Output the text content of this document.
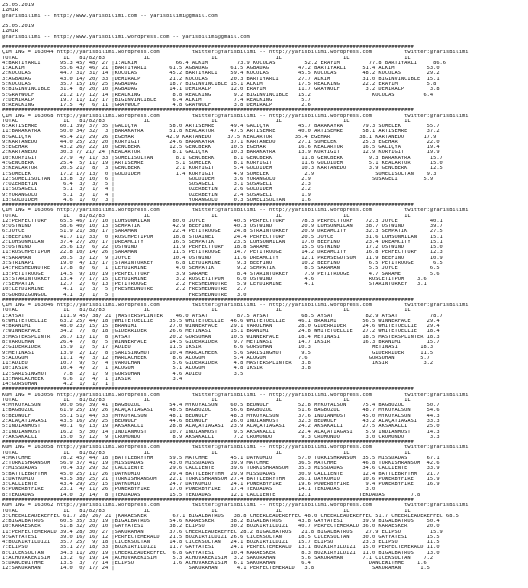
25.05.2019
İZMİR
@YarisBilimi -- http://www.yarisbilimi.com -- yarisbilimi@gmail.com
25.05.2019
İZMİR
@YarisBilimi -- http://www.yarisbilimi.wordpress.com -- yarisbilimi@gmail.com
################################################################################################################################
ÇIM 1NG = 163044 http://yarisbilimi.wordpress.com          twitter:@YarisBilimi -- http://yarisbilimi.wordpress.com          twitter:@YarisBilimi
TOTAL              1L   81/82/83            1L                   1L                  1L                   1L                 1L
4:BARTIYARLI      95.3 45/ 48/ 27 |1:ALKIM            66.4 ALKIM         73.9 KOCULAS         52.2 ERAYIM         77.8 BARTIYARLI     86.6
1:ALKIM           55.6 43/ 46/ 21 |BARTIYARLI       61.5 AGBADAG       61.5 AGBADAĞ         47.2 BARTIYARLI     51.4 ALKIM          53.0
2:KOCULAS         44.7 31/ 31/ 14 |KOCULAS          45.2 BARTIYARLI    59.4 KOCULAS         45.5 KOCULAS        48.2 KOCULAS        29.2
3:AGBADAĞ         43.0 14/ 20/ 33 |DEMIRALP         21.2 KOCULAS       20.3 BARTIYARLI      27.7 ALKIM          31.0 BIGINVINCIBLE  15.1
5:KOCULAS         35.7 15/ 16/ 25 |AGBADAĞ          18.7 BIGINVINCIBLE 15.1 ALKIM           17.5 REALKING       22.2 ERAYIM         5.8
6:BIGINVINCIBLE   31.4  8/ 20/ 10 |AGBADAĞ          14.1 DEMIRALP      12.0 ERAYIM          11.7 GRAYWOLF        3.2 DEMIRALP        3.8
5:GRAYWOLF        21.2 17/ 12/ 14 |REALKING          8.8 REALKING       9.2 BIGINVINCIBLE   15.2                   KOCULAS         6.4
7:DEMIRALP        19.7 11/ 12/ 17 |BIGINVINCIBLE     6.4 ALKIM          7.4 REALKING         5.7
8:REALKING        17.5  4/  6/ 11 |GRAYWOLF          4.8 GRAYWOLF       3.8 DEMIRALP         2.6
################################################################################################################################
ÇIM 1NG = 163068 http://yarisbilimi.wordpress.com          twitter:@YarisBilimi -- http://yarisbilimi.wordpress.com          twitter:@YarisBilimi
TOTAL              1L   81/82/83            1L                   1L                  1L                   1L                 1L
6:ARTISEMRE       60.1 39/ 37/ 35 |GALİÇYA          58.0 ARTISEMRE     49.4 GALİÇYA         45.7 BARAKAYRA      79.3 SUMELEK        55.7
11:BARAKAYRA      50.0 34/ 32/  3 |BARAKAYRA        51.8 KEALARTUR     47.5 ARTISEMRE       40.0 ARTISEMRE      58.1 ARTISEMRE      37.2
8:GALİÇYA         45.4 21/ 29/ 26 |EGEHAR          42.9 KARTANEDO     37.5 KEALARTUR       35.4 EGEHAR         38.1 KARTANEDO      17.9
9:KARTANEDO       44.0 25/ 23/ 20 |KORYIGIT         24.6 BARAKAYRA     37.1 KARTANEDO       27.1 SUMELEK        25.3 EGEHAR         22.0
5:EGEHAR          43.2 26/ 22/ 10 |GENCBERK         12.5 GENCBERK      10.5 EGEHAR          16.6 KEALARTUR      16.5 GALİÇYA        19.4
2:KARTANEDO       30.3 7/ 21/ 24 |KEALARTUR          8.1 GALİÇYA       10.3 BARAKAYRA       13.9 KORYIGIT       12.9 KORYIGIT       19.9
10:KORYIGIT       27.9  4/ 11/ 33 |SUMELISULTAN       8.1 GENCBERK      8.1 GENCBERK         11.8 GENCBERK        9.3 BARAKAYRA      15.7
4:GENCBERK        25.4  5/ 11/ 19 |ARTISEMRE          5.1 SUMELEK       8.1 KORYIGIT         11.6 GÜLDİDEM        5.1 KEALARTUR      15.0
3:KEALARTUR       20.5 21/  8/  3 |GENCBERK           2.1 KORYIGIT      5.4 GÜLDİDEM         10.3 KARTANEDO       3.9 GENCBERK       12.5
1:SUMELEK         17.2 17/ 13/  0 |GÜLDİDEM           1.4 KORYIGIT      4.9 SUMELEK           2.9                   SUMELISULTAN    9.3
12:SUMELISULTAN   13.8  3/ 10/  6 |                       GÜLDİDEM      3.6 YORANGÜLÜ        2.9                   SUSAGELI        5.9
7:ÖZERBEYİN        6.4  3/  3/  5 |                       SUSAGELI      3.1 SUSAGELI         2.3
11:SUSAGELI        5.1  3/  1/  4 |                       ÖZERBEYİN     2.6 GÜLDİDEM         2.2
9:YORANGÜLÜ        5.1  3/  1/  4 |                       ÖZERBEYİN     2.4 SUSAGELI         1.9
13:GÜLDİDEM        4.6  1/  0/  3 |                       YORANGÜLÜ     0.3 SUMELISULTAN     1.6
################################################################################################################################
ÇIM 1NG = 163066 http://yarisbilimi.wordpress.com          twitter:@YarisBilimi -- http://yarisbilimi.wordpress.com          twitter:@YarisBilimi
TOTAL              1L   81/82/83            1L                   1L                  1L                   1L                 1L
12:PERFECTTURF    65.5 46/ 17/ 10 |LUHSONMILAN       80.0 JOYCE         40.5 PERFECTTURF     78.3 PERFECTTURF    72.3 JOYCE          40.1
9:OSTWIND         58.6 40/ 10/ 13 |SEMPATIK          42.9 BEEFINO       40.3 OSTWIND         20.9 LUHSONMILAN    38.7 OSTWIND        39.7
6:JOYCE           51.9 21/ 38/ 17 |SARAMAN           22.4 PETITROUGE    24.8 STRAINTURKEY    20.9 DREAMCITY      32.3 SEMPATIK       27.5
1:BEEFINO         41.7 11/ 33/  0 |RUSCHPETIPUM      18.8 STDAINEI      24.4 PERFECTTURF     20.5 JOYCE          31.6 LUHSONMILAN    15.1
2:LUHSONMILAN     37.4 27/ 20/ 17 |DREAMCITY         16.5 SEMPATIK      23.5 LUHSONMILAN     17.0 BEEFINO        23.4 DREAMCITY      15.1
5:OSTWIND         25.6 13/  6/ 22 |OSTWIND           11.9 PERFECTTURF   18.8 SARAME          15.5 OSTWIND        17.2 OSTWIND        15.0
11:RUSCHPETIPUM   22.8 10/ 14/ 26 |SARAMAN           11.5 PETITROUGE    14.7 PETITROUGE      14.2 DREAMCITY      16.8 PERFECTTURF    12.3
4:SARAMAN         20.5  3/ 12/  9 |JOYCE             10.4 OSTWIND       11.6 DREAMCITY       12.1 PREMSEGUTSUM   11.9 BEEFINO        10.9
3:STRINAPI        19.0  4/ 13/ 17 |STARINTURKEY       6.8 LEYDIRMINE     9.3 BEEFINO         10.2 BEEFINO         6.5 PETITROUGE      6.5
14:FRESHEDNUTRE   17.8  8/  6/  1 |LEYDIRMINE         4.0 SEMPATIK       9.2 SEMPATIK         8.5 SARAMAN         5.5 JOYCE          6.5
13:PETITROUGE     14.5  9/ 10/ 19 |PERFECTTURF        3.9 SARAME         8.4 STARINTURKEY     7.9 PETITROUGE      4.7 SARAME         5.6
15:STARINTURKEY   13.4  7/ 17/ 15 |LEYDIRMINE         3.2 ROSCETITPUM    6.0 OSTWIND          4.6                 ROSCETITPUM    3.6
7:SEMPATIK        12.7  2/  6/ 13 |PETITROUGE         2.2 FRESHEDNUTRE   5.9 LEYDIRMINE       4.1                 STARINTURKEY   3.1
10:LEYDIRMINE      4.1  1/  3/  5 |FRESHEDNUTRE       2.2 FRESHEDNUTRE   2.7
8:GURBUZGÜNGÜL     4.1  3/  1/  5 |                       FRESHEDNUTRE   3.0
################################################################################################################################
ÇIM 1NG = 163046 http://yarisbilimi.wordpress.com          twitter:@YarisBilimi -- http://yarisbilimi.wordpress.com          twitter:@YarisBilimi
TOTAL              1L   81/82/83            1L                   1L                  1L                   1L                 1L
1:AYSAT           111.9 45/ 38/ 21 |MASTERSPLINTER    46.0 AYSAT         87.5 AYSAT          68.5 AYSAT          82.9 AYSAT          78.7
6:WHITETOELLIE    63.2 25/ 44/ 18 |WHITETOELLIE     35.5 WHITETOELLIE  46.6 WHITETOELLIE    46.1 BRANIMI        56.5 WINNERFACE     29.4
4:BRANIMI         48.0 23/ 15/ 15 |BRANIMI          27.0 WINNERFACE    29.1 VAROLHAN        28.0 GİDERRİDER     24.6 WHITETOELLIE   29.4
7:WINNERFACE      34.2  7/  8/ 18 |GİDERRİDER       26.6 METINAS1      15.1 BRANIMI         24.8 WHITETOELLIE   27.2 WHITETOELLIE   18.4
3:MASTERSPLINTR   26.7 13/ 11/  8 |AYSAT            20.2 GÜRSUHAN      10.5 WINNERFACE      18.4 METINAS1       18.5 MASTERSPLINTER 18.3
8:VAROLHAN        26.4  7/  8/  5 |WINNERFACE       14.5 GİDERRİDER     9.7 METINAS1        14.7 IKSIR          16.3 BRANIMI        15.7
2:GİDERRİDER      15.9  1/  5/ 17 |ADIEU            11.5 IKSIR          6.6 GÜRSUHAN        10.3                   METINAS1       18.3
9:METINAS1        13.9  2/ 12/  8 |SARISINGHUT      10.4 HARLACHEEK     5.6 SARISINGHUT      9.5                   GİDERRİDER     11.5
5:ALOGUM          11.1  4/  3/ 12 |HARLACHEEK        8.6 ALOGUM         5.4 ALOGUM          7.6                   GÜRSUHAN        5.7
11:ADIEU          10.7  9/  5/  4 |VAROLHAN          5.6 GİDERRİDER     4.8 MASTERSPLINTER   3.8                   IKSIR           3.2
10:IKSIR          10.4  4/  2/  1 |ALOGUM            5.1 ALOGUM         4.8 IKSIR            3.8
12:SARISINGHUT     7.8  2/  1/  9 |GÜRSUHAN          4.6 ADIEU          3.5
13:HARLACHEEK      6.6  1/  4/  1 |IKSIR             3.4
14:GÜRSUHAN        4.2  1/  1/  1 |
################################################################################################################################
KUM 1NG = 163056 http://yarisbilimi.wordpress.com          twitter:@YarisBilimi -- http://yarisbilimi.wordpress.com          twitter:@YarisBilimi
TOTAL              1L   81/82/83            1L                   1L                  1L                   1L                 1L
4:MYKOYALSUN      90.0 56/ 39/ 41 |BAĞBOZUL         54.4 MYKOYALSUN    60.5 BEDWULF         52.8 MYKOYALSUN     75.4 BAĞBOZUL       50.7
1:BAĞBOZUL        61.9 25/ 19/ 26 |ALAÇATIAĞASI     48.5 BAĞBOZUL      56.6 BAĞBOZUL        51.6 BAĞBOZUL       48.7 MYKOYALSUN     54.6
6:BEDWULF         55.1 51/ 44/ 33 |MYKOYALSUN       48.1 BEDWULF       48.3 MYKOYALSUN      37.6 INDIANMOST     45.0 MYKOYALSUN     44.3
2:ALAÇATIAĞASI    43.5 16/ 29/ 25 |BEDWULF          44.6 BEDWULF       26.0 INDIANMOST      32.3 BEDWULF        43.2 ALAÇATIAĞASI   33.3
5:INDIANMOST      40.1  6/ 13/ 19 |AKSAKALLI        28.8 ALAÇATIAĞASI  23.9 ALAÇATIAĞASI    24.2 AKSAKALLI      27.5 AKSAKALLI      25.0
3:INDIANMOST      16.2  5/ 30/ 14 |INDIANMOST       10.7 INDIANMOST     9.5 AKSAKALLI       22.4 ALAÇATIAĞASI    5.9 INDIANMOST     14.3
7:AKSAKALLI       15.0  5/ 12/  9 |CROMONDO          8.9 AKSAKALLI      7.2 CROMONDO         9.3 CROMONDO        3.0 CROMONDO        3.3
################################################################################################################################
KUM 1NG = 163058 http://yarisbilimi.wordpress.com          twitter:@YarisBilimi -- http://yarisbilimi.wordpress.com          twitter:@YarisBilimi
TOTAL              1L   81/82/83            1L                   1L                  1L                   1L                 1L
4:MATCHME         78.2 45/ 44/ 18 |BATTLEBRYTHM     59.5 MATCHME       45.1 DAYKOMIO        57.0 TURKISHRANSOM  35.5 MISSDADAS      67.1
2:TURKISHRANSOM   56.9 37/ 41/ 19 |MISSDADAS        43.0 MISSDADAS     39.9 MATCHME         36.5 MATCHME        46.8 TURKISHRANSOM  42.6
7:MISSDADAS       70.4 33/ 29/ 32 |CALLIENTE        29.6 CALLIENTE     39.6 TURKISHRANSOM   35.3 MISSDADAS      34.6 CALLIENTE      33.9
5:BATTLEBRYTHM    45.0 25/ 11/ 26 |DAYKOMIO         29.4 BATTLEBRYTHM  29.9 MISSDADAS       30.9 CALLIENTE      12.4 BATTLEBRYTHM   21.7
1:DAYKOMIO        43.5 38/ 25/ 21 |TURKISHRANSOM    22.1 TURKISHRANSOM 27.4 BATTLEBRYTHM    26.1 DAYKOMIO       10.6 POWERBYFIRE    15.9
3:CALLIENTE       43.4 29/ 25/ 15 |DAYKOMIO         24.7 DAYKOMIO      24.1 POWERBYFIRE     19.6 POWERBYFIRE     9.4 POWERBYFIRE    16.9
6:POWERBYFIRE     23.1  4/ 11/ 26 |POWERBYFIRE      17.0 POWERBYFIRE   17.4 TEKDADAS        14.1 TEKDADAS        3.0
8:TEKDADAS        14.0  3/ 14/  8 |TEKDADAS         15.5 TEKDADAS      12.1 CALLIENTE       12.1               TEKDADAS        7.8
################################################################################################################################
KUM 1NG = 163062 http://yarisbilimi.wordpress.com          twitter:@YarisBilimi -- http://yarisbilimi.wordpress.com          twitter:@YarisBilimi
TOTAL              1L   81/82/83            1L                   1L                  1L                   1L                 1L
3:CHEERLEADEREFFEC 61.7 28/ 26/ 21 |KARAESKER        67.1 BIGALBATROS   38.8 CHEERLEADEREFFEC 48.0 CHEERLEADEREFFEC 51.7 CHEERLEADEREFFEC 68.5
2:BIGALBATROS     60.5 35/ 33/ 19 |BIGALBATROS      54.6 KARAESKER     38.2 BIGALBATROS     43.8 GAYYATESI      39.9 BIGALBATROS    50.4
10:KARAESKER      51.8 32/ 20/ 10 |GAYYATESI        38.2 ELIPSU        30.2 BOZKIRYILDIZI   40.7 PERFECTEMERALD 36.0 KARAESKER      20.0
11:PERFECTEMERALD 39.4 28/ 30/ 27 |SAKURAHAN        37.6 CHEERLEADEREFFEC 28.2 BIGALBATROS   21.8 BIGALBATROS    27.9 ELIPSU         15.9
9:GAYYATESI       39.0 16/ 16/ 12 |PERFECTEMERALD   21.5 BOZKIRYILDIZI 26.6 CICEKSULTAN     18.5 CICEKSULTAN    30.0 GAYYATESI      15.5
4:BOZKIRYILDIZI   35.7 25/  9/ 18 |CICEKSULTAN      14.8 CICEKSULTAN   24.1 BOZKIRYILDIZI   15.7 ELIPSU         23.3 ELIPSU         11.5
7:ELIPSU          35.1 27/ 18/ 33 |BOZKIRYILDIZI    11.7 GAYYATESI     24.1 PERFECTEMERALD  13.1 BOZKIRYILDIZI  15.0 PERFECTEMERALD 11.0
8:CICEKSULTAN     34.3 11/ 20/ 19 |CHEERLEADEREFFEC  6.8 GAYYATESI     10.4 KARAESKER        8.3 BOZKIRYILDIZI  11.0 BIGALBATROS    13.0
1:ACHUVAKEKISIM   13.2  6/ 19/ 14 |ACHUVAKEKISIM     5.3 ACHUVAKEKISIM  3.2 SAKURAHAN        5.6 SAKURAHAN      7.1 CICEKSULTAN    7.2
5:DANCEWITHME     13.5  3/  7/ 14 |ELIPSU            1.6 ACHUVAKEKISIM  6.1 SAKURAHAN        6.4                  DANCEWITHME    1.6
12:SAKURAHAN      14.0  0/ 17/ 24 |                       SAKURAHAN      4.1 PERFECTEMERALD   3.8                  SAKURAHAN      1.5
